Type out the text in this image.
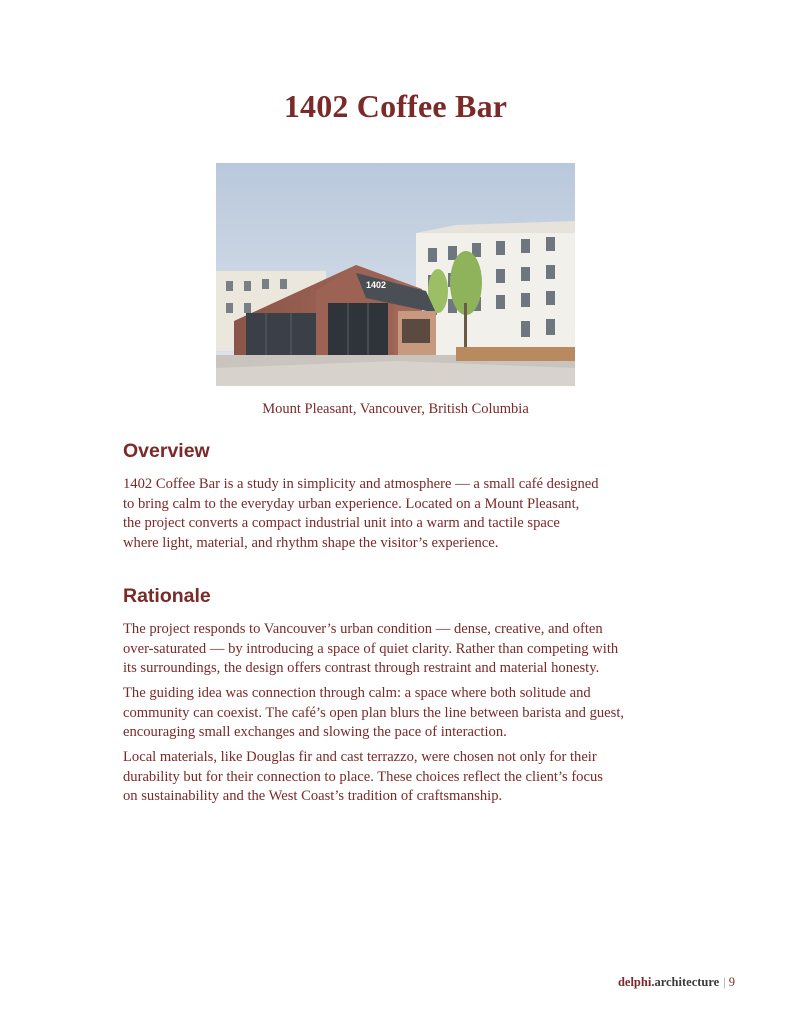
1402 Coffee Bar
1402
Mount Pleasant, Vancouver, British Columbia
Overview

1402 Coffee Bar is a study in simplicity and atmosphere — a small café designed
to bring calm to the everyday urban experience. Located on a Mount Pleasant,
the project converts a compact industrial unit into a warm and tactile space
where light, material, and rhythm shape the visitor’s experience.

Rationale

The project responds to Vancouver’s urban condition — dense, creative, and often
over-saturated — by introducing a space of quiet clarity. Rather than competing with
its surroundings, the design offers contrast through restraint and material honesty.

The guiding idea was connection through calm: a space where both solitude and
community can coexist. The café’s open plan blurs the line between barista and guest,
encouraging small exchanges and slowing the pace of interaction.

Local materials, like Douglas fir and cast terrazzo, were chosen not only for their
durability but for their connection to place. These choices reflect the client’s focus
on sustainability and the West Coast’s tradition of craftsmanship.

delphi.architecture | 9
